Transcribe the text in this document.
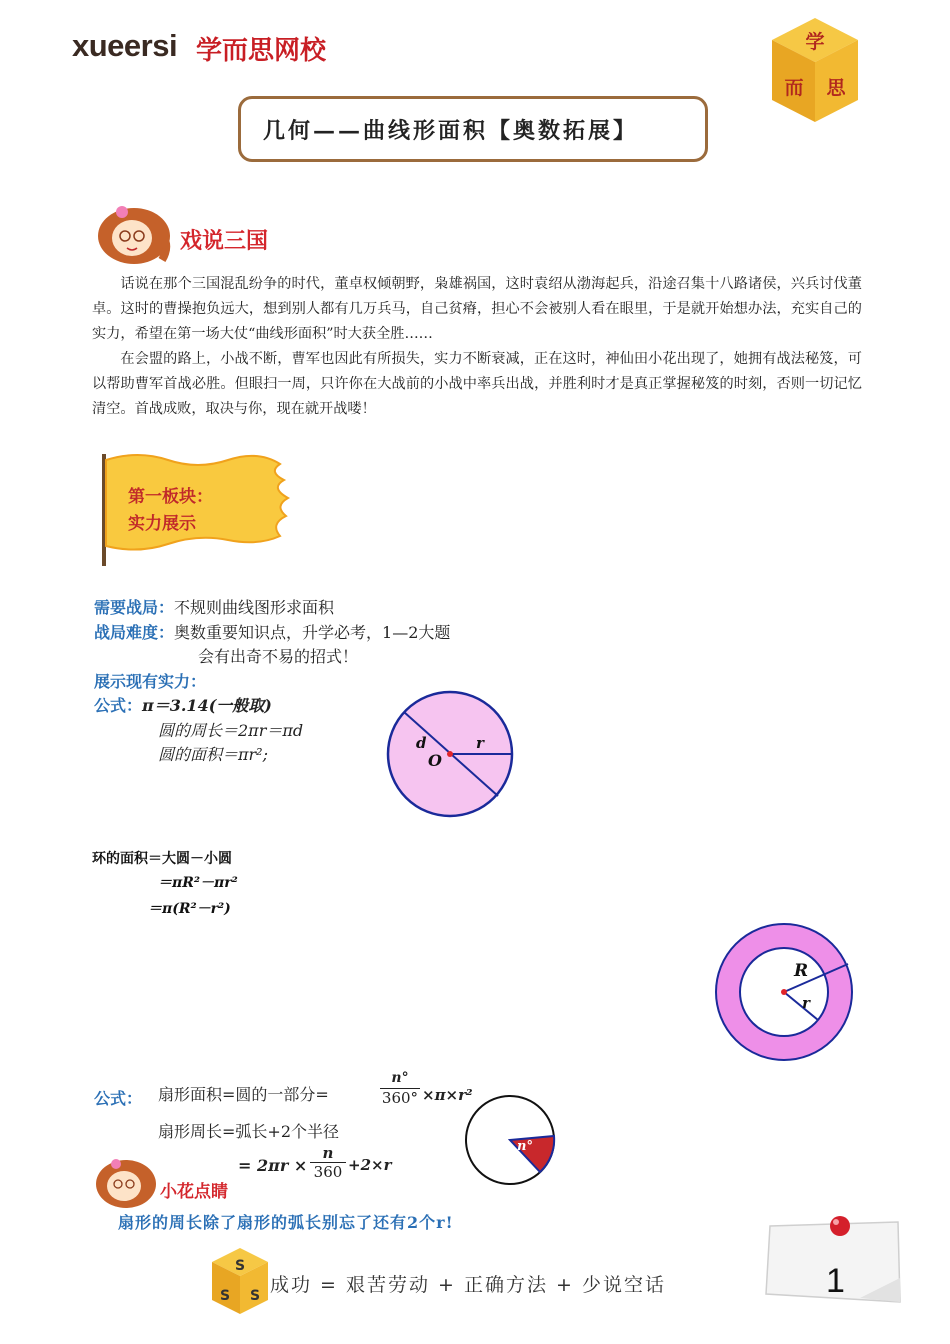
xueersi 学而思网校	学
而 思
几何——曲线形面积【奥数拓展】
戏说三国

话说在那个三国混乱纷争的时代，董卓权倾朝野，枭雄祸国，这时袁绍从渤海起兵，沿途召集十八路诸侯，兴兵讨伐董卓。这时的曹操抱负远大，想到别人都有几万兵马，自己贫瘠，担心不会被别人看在眼里，于是就开始想办法，充实自己的实力，希望在第一场大仗“曲线形面积”时大获全胜……

在会盟的路上，小战不断，曹军也因此有所损失，实力不断衰减，正在这时，神仙田小花出现了，她拥有战法秘笈，可以帮助曹军首战必胜。但眼扫一周，只许你在大战前的小战中率兵出战，并胜利时才是真正掌握秘笈的时刻，否则一切记忆清空。首战成败，取决与你，现在就开战喽！

第一板块：
实力展示
需要战局：不规则曲线图形求面积
战局难度：奥数重要知识点，升学必考，1—2大题
会有出奇不易的招式！
展示现有实力：
公式：π＝3.14(一般取)
圆的周长＝2πr＝πd
圆的面积＝πr²;
d	r
O
环的面积＝大圆－小圆
＝πR²－πr²
＝π(R²－r²)
R
r
公式： 扇形面积=圆的一部分=	$\frac{n^\circ}{360^\circ} \times\pi\times r^2$
扇形周长=弧长+2个半径
= $2\pi r \times \frac{n}{360} +2\times r$
n°
小花点睛
扇形的周长除了扇形的弧长别忘了还有2个r!
S
S S 成功 = 艰苦劳动 + 正确方法 + 少说空话	1
